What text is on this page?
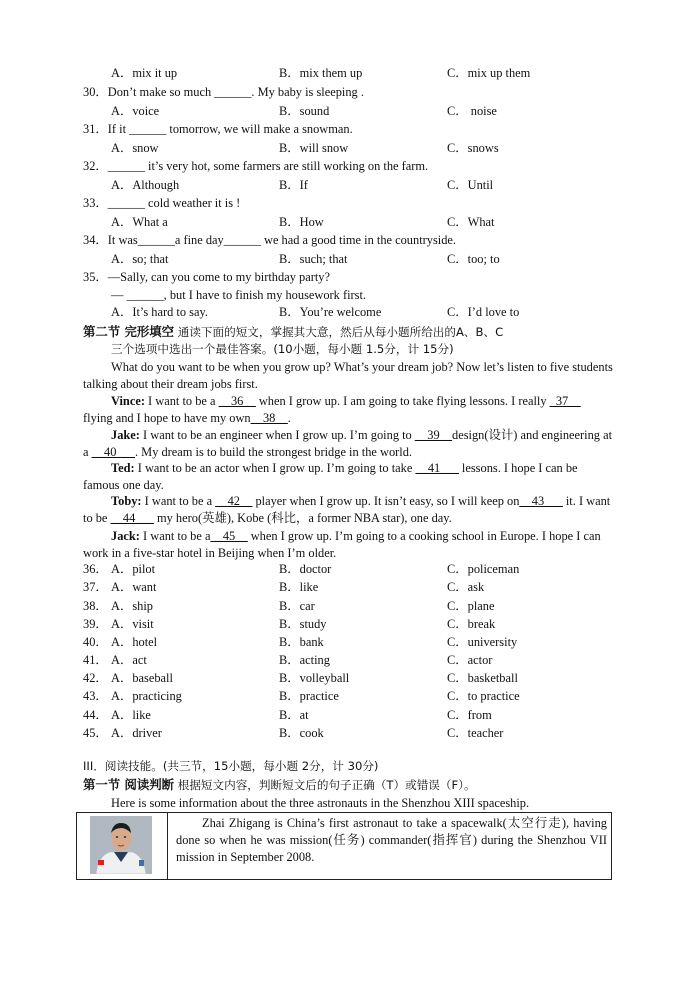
A．mix it up	B．mix them up	C．mix up them
30．Don’t make so much ______. My baby is sleeping .
A．voice	B．sound	C． noise
31．If it ______ tomorrow, we will make a snowman.
A．snow	B．will snow	C．snows
32．______ it’s very hot, some farmers are still working on the farm.
A．Although	B．If	C．Until
33．______ cold weather it is !
A．What a	B．How	C．What
34．It was______a fine day______ we had a good time in the countryside.
A．so; that	B．such; that	C．too; to
35．—Sally, can you come to my birthday party?
— ______, but I have to finish my housework first.
A．It’s hard to say.	B．You’re welcome	C．I’d love to
第二节 完形填空 通读下面的短文，掌握其大意，然后从每小题所给出的A、B、C
三个选项中选出一个最佳答案。(10小题，每小题 1.5分，计 15分)
What do you want to be when you grow up? What’s your dream job? Now let’s listen to five students talking about their dream jobs first.
Vince: I want to be a __36__ when I grow up. I am going to take flying lessons. I really _37__ flying and I hope to have my own__38__.
Jake: I want to be an engineer when I grow up. I’m going to __39__design(设计) and engineering at a __40___. My dream is to build the strongest bridge in the world.
Ted: I want to be an actor when I grow up. I’m going to take __41___ lessons. I hope I can be famous one day.
Toby: I want to be a __42__ player when I grow up. It isn’t easy, so I will keep on__43___ it. I want to be __44___ my hero(英雄), Kobe (科比，a former NBA star), one day.
Jack: I want to be a__45__ when I grow up. I’m going to a cooking school in Europe. I hope I can work in a five-star hotel in Beijing when I’m older.
36． A．pilot	B．doctor	C．policeman
37． A．want	B．like	C．ask
38． A．ship	B．car	C．plane
39． A．visit	B．study	C．break
40． A．hotel	B．bank	C．university
41． A．act	B．acting	C．actor
42． A．baseball	B．volleyball	C．basketball
43． A．practicing	B．practice	C．to practice
44． A．like	B．at	C．from
45． A．driver	B．cook	C．teacher
III．阅读技能。(共三节，15小题，每小题 2分，计 30分)
第一节 阅读判断 根据短文内容，判断短文后的句子正确（T）或错误（F）。
Here is some information about the three astronauts in the Shenzhou XIII spaceship.
Zhai Zhigang is China’s first astronaut to take a spacewalk(太空行走), having done so when he was mission(任务) commander(指挥官) during the Shenzhou VII mission in September 2008.
